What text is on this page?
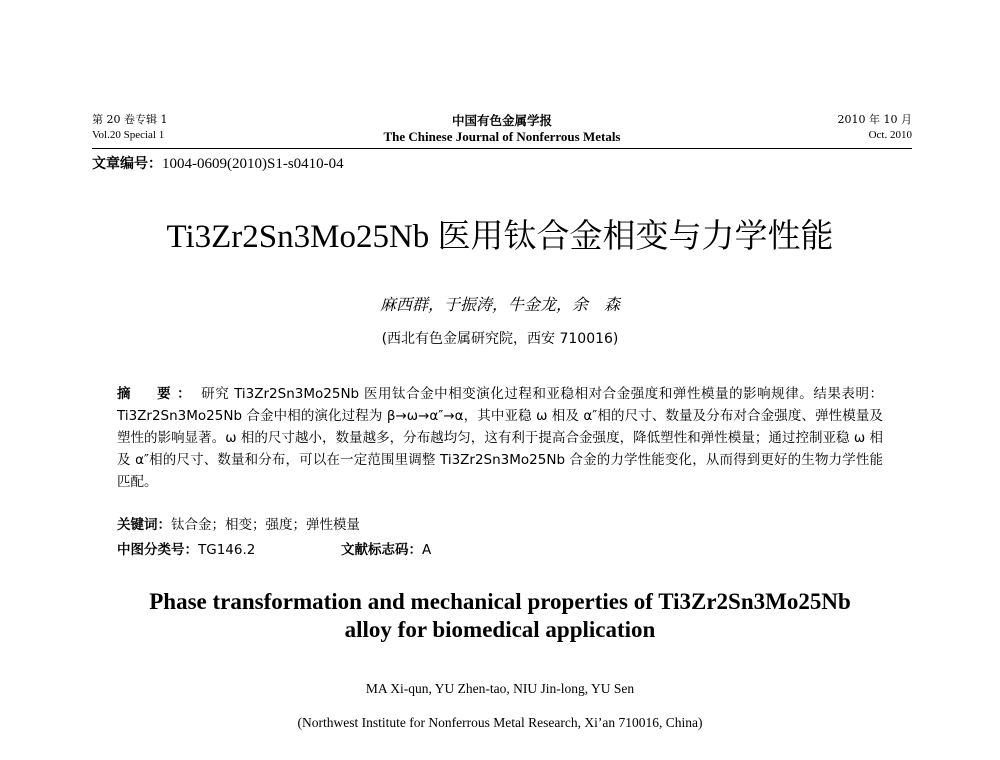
第 20 卷专辑 1	中国有色金属学报	2010 年 10 月
Vol.20 Special 1	The Chinese Journal of Nonferrous Metals	Oct. 2010
文章编号：1004-0609(2010)S1-s0410-04
Ti3Zr2Sn3Mo25Nb 医用钛合金相变与力学性能
麻西群，于振涛，牛金龙，余　森
(西北有色金属研究院，西安 710016)
摘　要： 研究 Ti3Zr2Sn3Mo25Nb 医用钛合金中相变演化过程和亚稳相对合金强度和弹性模量的影响规律。结果表明：Ti3Zr2Sn3Mo25Nb 合金中相的演化过程为 β→ω→α″→α，其中亚稳 ω 相及 α″相的尺寸、数量及分布对合金强度、弹性模量及塑性的影响显著。ω 相的尺寸越小，数量越多，分布越均匀，这有利于提高合金强度，降低塑性和弹性模量；通过控制亚稳 ω 相及 α″相的尺寸、数量和分布，可以在一定范围里调整 Ti3Zr2Sn3Mo25Nb 合金的力学性能变化，从而得到更好的生物力学性能匹配。
关键词：钛合金；相变；强度；弹性模量
中图分类号：TG146.2	文献标志码：A
Phase transformation and mechanical properties of Ti3Zr2Sn3Mo25Nb
alloy for biomedical application
MA Xi-qun, YU Zhen-tao, NIU Jin-long, YU Sen
(Northwest Institute for Nonferrous Metal Research, Xi’an 710016, China)
